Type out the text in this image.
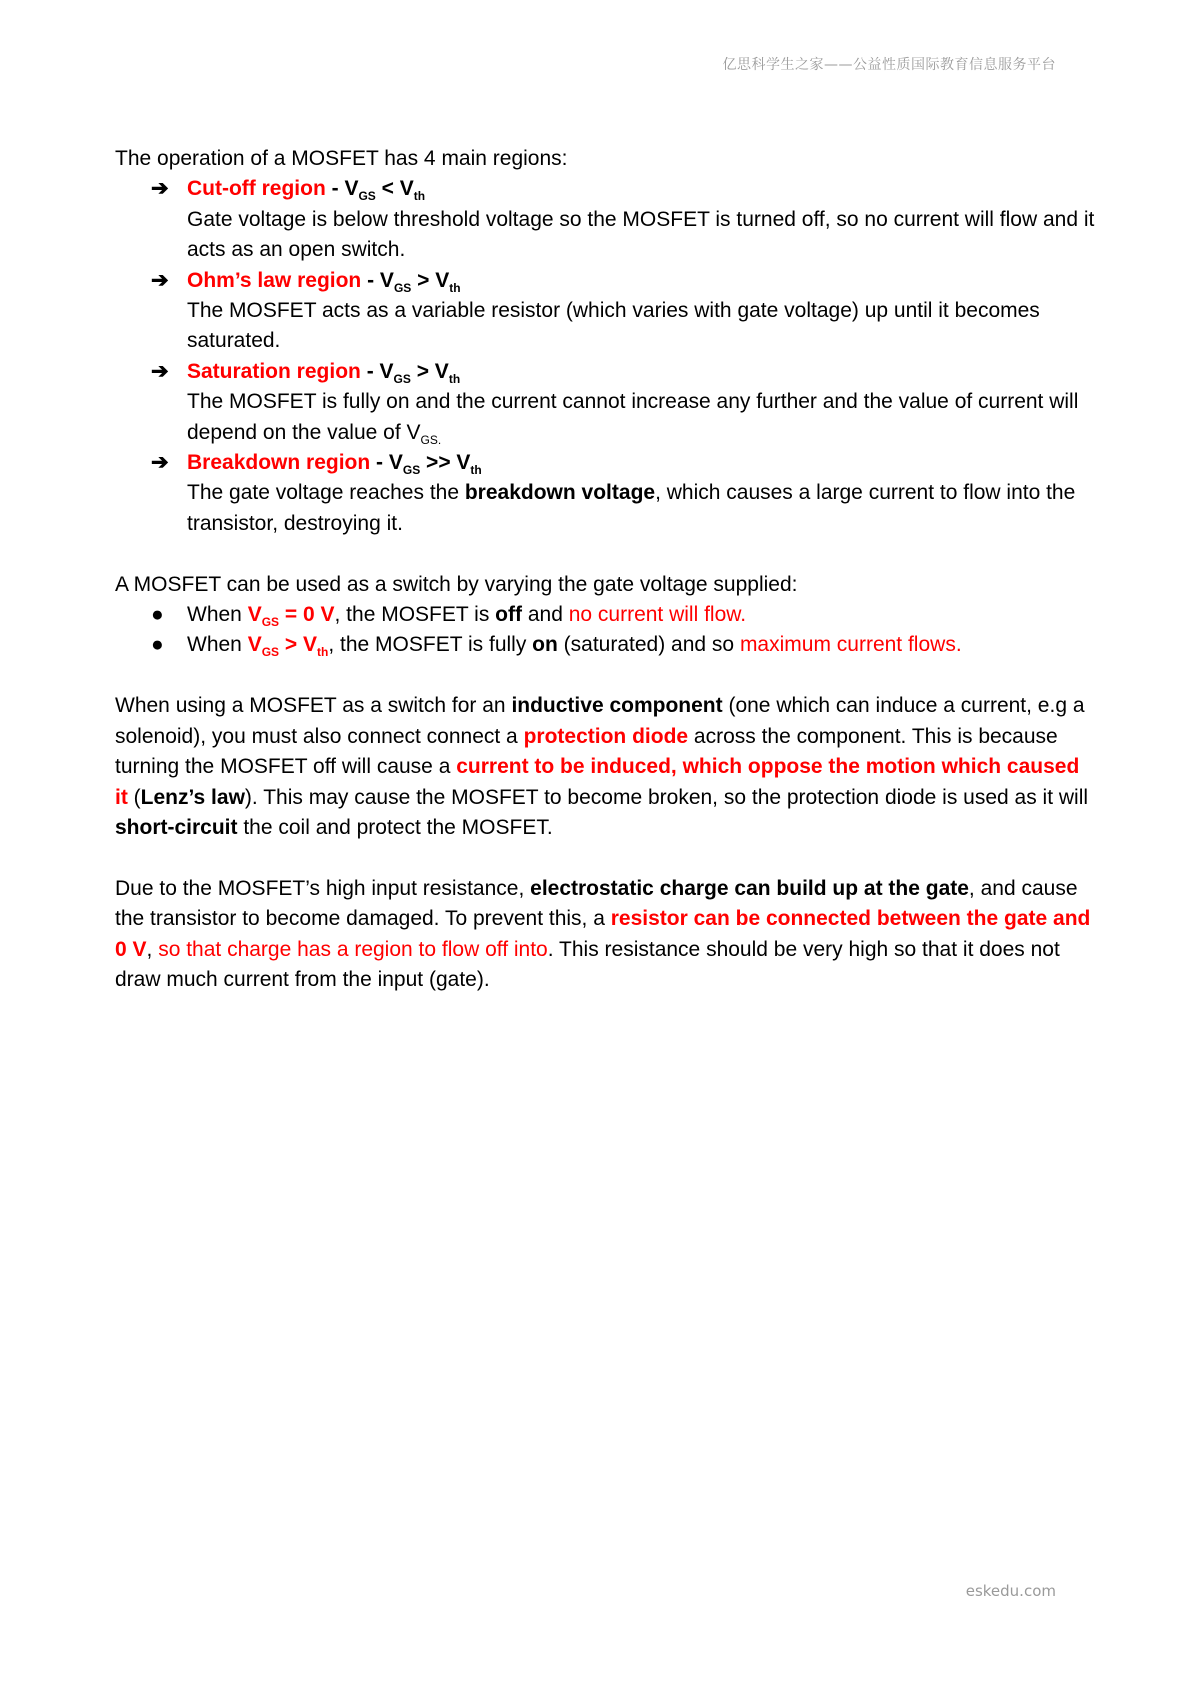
亿思科学生之家——公益性质国际教育信息服务平台

The operation of a MOSFET has 4 main regions:

➔ Cut-off region - $V_{GS} < V_{th}$
Gate voltage is below threshold voltage so the MOSFET is turned off, so no current will flow and it acts as an open switch.
➔ Ohm’s law region - $V_{GS} > V_{th}$
The MOSFET acts as a variable resistor (which varies with gate voltage) up until it becomes saturated.
➔ Saturation region - $V_{GS} > V_{th}$
The MOSFET is fully on and the current cannot increase any further and the value of current will depend on the value of $V_{GS.}$
➔ Breakdown region - $V_{GS} >> V_{th}$
The gate voltage reaches the breakdown voltage, which causes a large current to flow into the transistor, destroying it.

A MOSFET can be used as a switch by varying the gate voltage supplied:

● When $V_{GS} = 0$ V, the MOSFET is off and no current will flow.
● When $V_{GS} > V_{th}$, the MOSFET is fully on (saturated) and so maximum current flows.

When using a MOSFET as a switch for an inductive component (one which can induce a current, e.g a solenoid), you must also connect connect a protection diode across the component. This is because turning the MOSFET off will cause a current to be induced, which oppose the motion which caused it (Lenz’s law). This may cause the MOSFET to become broken, so the protection diode is used as it will short-circuit the coil and protect the MOSFET.

Due to the MOSFET’s high input resistance, electrostatic charge can build up at the gate, and cause the transistor to become damaged. To prevent this, a resistor can be connected between the gate and 0 V, so that charge has a region to flow off into. This resistance should be very high so that it does not draw much current from the input (gate).

eskedu.com
